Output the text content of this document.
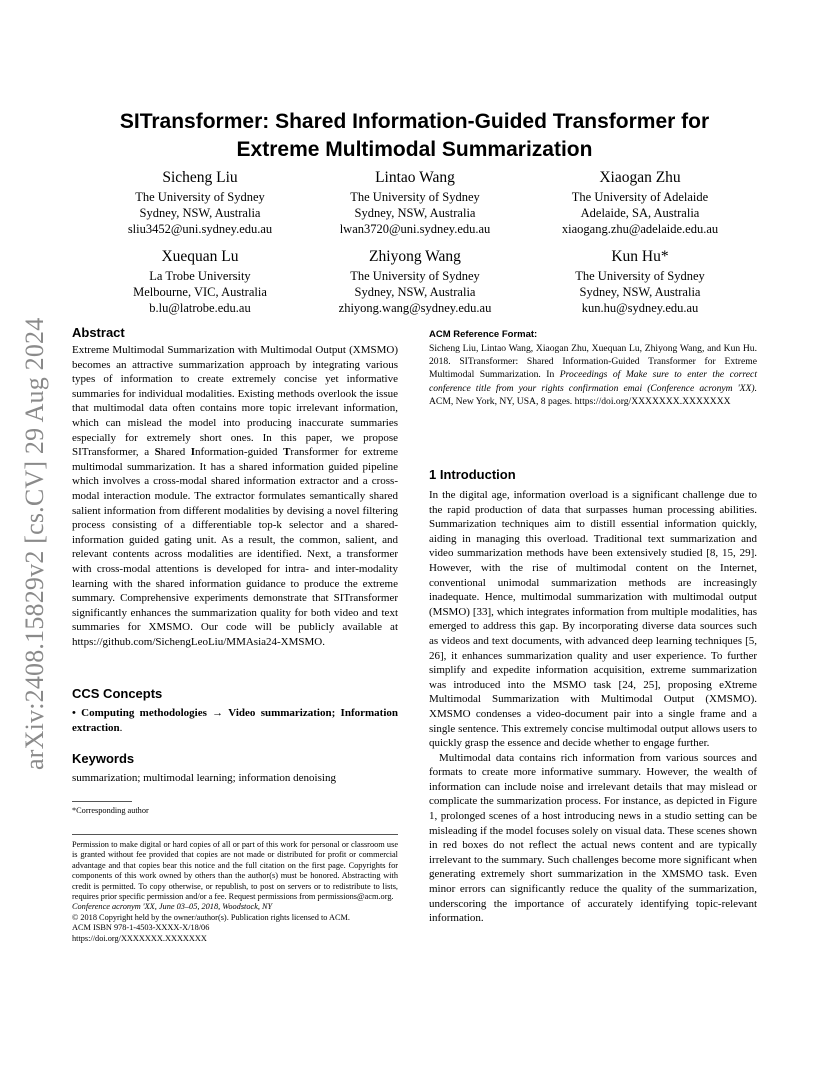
arXiv:2408.15829v2 [cs.CV] 29 Aug 2024
SITransformer: Shared Information-Guided Transformer for
Extreme Multimodal Summarization
Sicheng Liu
The University of Sydney
Sydney, NSW, Australia
sliu3452@uni.sydney.edu.au
Lintao Wang
The University of Sydney
Sydney, NSW, Australia
lwan3720@uni.sydney.edu.au
Xiaogan Zhu
The University of Adelaide
Adelaide, SA, Australia
xiaogang.zhu@adelaide.edu.au
Xuequan Lu
La Trobe University
Melbourne, VIC, Australia
b.lu@latrobe.edu.au
Zhiyong Wang
The University of Sydney
Sydney, NSW, Australia
zhiyong.wang@sydney.edu.au
Kun Hu*
The University of Sydney
Sydney, NSW, Australia
kun.hu@sydney.edu.au
Abstract
Extreme Multimodal Summarization with Multimodal Output (XMSMO) becomes an attractive summarization approach by integrating various types of information to create extremely concise yet informative summaries for individual modalities. Existing methods overlook the issue that multimodal data often contains more topic irrelevant information, which can mislead the model into producing inaccurate summaries especially for extremely short ones. In this paper, we propose SITransformer, a Shared Information-guided Transformer for extreme multimodal summarization. It has a shared information guided pipeline which involves a cross-modal shared information extractor and a cross-modal interaction module. The extractor formulates semantically shared salient information from different modalities by devising a novel filtering process consisting of a differentiable top-k selector and a shared-information guided gating unit. As a result, the common, salient, and relevant contents across modalities are identified. Next, a transformer with cross-modal attentions is developed for intra- and inter-modality learning with the shared information guidance to produce the extreme summary. Comprehensive experiments demonstrate that SITransformer significantly enhances the summarization quality for both video and text summaries for XMSMO. Our code will be publicly available at https://github.com/SichengLeoLiu/MMAsia24-XMSMO.
CCS Concepts
• Computing methodologies → Video summarization; Information extraction.
Keywords
summarization; multimodal learning; information denoising
*Corresponding author
Permission to make digital or hard copies of all or part of this work for personal or classroom use is granted without fee provided that copies are not made or distributed for profit or commercial advantage and that copies bear this notice and the full citation on the first page. Copyrights for components of this work owned by others than the author(s) must be honored. Abstracting with credit is permitted. To copy otherwise, or republish, to post on servers or to redistribute to lists, requires prior specific permission and/or a fee. Request permissions from permissions@acm.org.
Conference acronym 'XX, June 03–05, 2018, Woodstock, NY
© 2018 Copyright held by the owner/author(s). Publication rights licensed to ACM.
ACM ISBN 978-1-4503-XXXX-X/18/06
https://doi.org/XXXXXXX.XXXXXXX
ACM Reference Format:
Sicheng Liu, Lintao Wang, Xiaogan Zhu, Xuequan Lu, Zhiyong Wang, and Kun Hu. 2018. SITransformer: Shared Information-Guided Transformer for Extreme Multimodal Summarization. In Proceedings of Make sure to enter the correct conference title from your rights confirmation emai (Conference acronym 'XX). ACM, New York, NY, USA, 8 pages. https://doi.org/XXXXXXX.XXXXXXX
1 Introduction

In the digital age, information overload is a significant challenge due to the rapid production of data that surpasses human processing abilities. Summarization techniques aim to distill essential information quickly, aiding in managing this overload. Traditional text summarization and video summarization methods have been extensively studied [8, 15, 29]. However, with the rise of multimodal content on the Internet, conventional unimodal summarization methods are increasingly inadequate. Hence, multimodal summarization with multimodal output (MSMO) [33], which integrates information from multiple modalities, has emerged to address this gap. By incorporating diverse data sources such as videos and text documents, with advanced deep learning techniques [5, 26], it enhances summarization quality and user experience. To further simplify and expedite information acquisition, extreme summarization was introduced into the MSMO task [24, 25], proposing eXtreme Multimodal Summarization with Multimodal Output (XMSMO). XMSMO condenses a video-document pair into a single frame and a single sentence. This extremely concise multimodal output allows users to quickly grasp the essence and decide whether to engage further.

Multimodal data contains rich information from various sources and formats to create more informative summary. However, the wealth of information can include noise and irrelevant details that may mislead or complicate the summarization process. For instance, as depicted in Figure 1, prolonged scenes of a host introducing news in a studio setting can be misleading if the model focuses solely on visual data. These scenes shown in red boxes do not reflect the actual news content and are typically irrelevant to the summary. Such challenges become more significant when generating extremely short summarization in the XMSMO task. Even minor errors can significantly reduce the quality of the summarization, underscoring the importance of accurately identifying topic-relevant information.
